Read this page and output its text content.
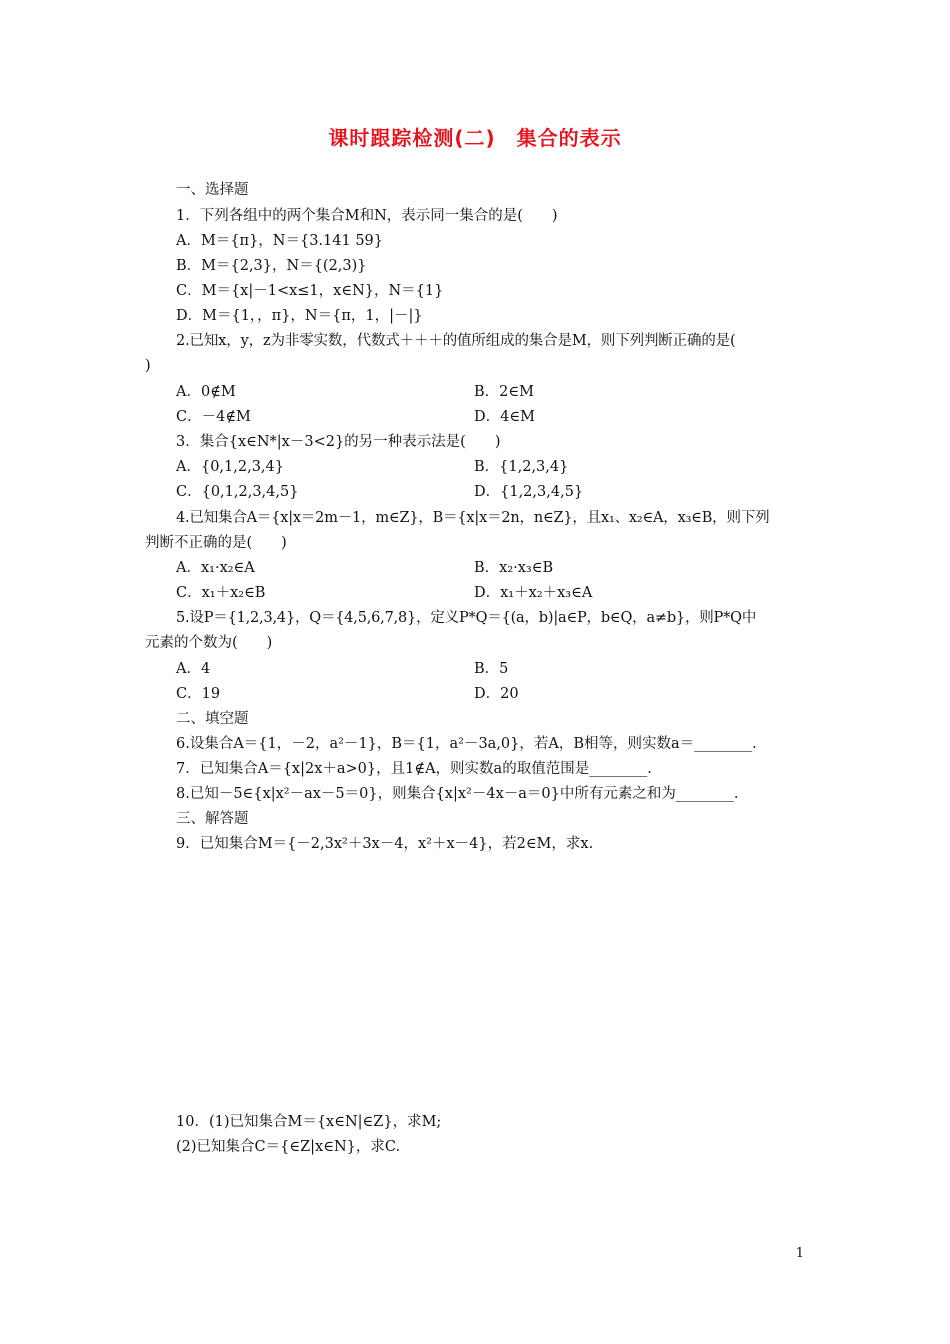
课时跟踪检测(二)　集合的表示
一、选择题
1．下列各组中的两个集合M和N，表示同一集合的是(　　)
A．M＝{π}，N＝{3.141 59}
B．M＝{2,3}，N＝{(2,3)}
C．M＝{x|－1<x≤1，x∈N}，N＝{1}
D．M＝{1，，π}，N＝{π，1，|－|}
2.已知x，y，z为非零实数，代数式＋＋＋的值所组成的集合是M，则下列判断正确的是(
)
A．0∉M	B．2∈M
C．－4∉M	D．4∈M
3．集合{x∈N*|x－3<2}的另一种表示法是(　　)
A．{0,1,2,3,4}	B．{1,2,3,4}
C．{0,1,2,3,4,5}	D．{1,2,3,4,5}
4.已知集合A＝{x|x＝2m－1，m∈Z}，B＝{x|x＝2n，n∈Z}，且x₁、x₂∈A，x₃∈B，则下列
判断不正确的是(　　)
A．x₁·x₂∈A	B．x₂·x₃∈B
C．x₁＋x₂∈B	D．x₁＋x₂＋x₃∈A
5.设P＝{1,2,3,4}，Q＝{4,5,6,7,8}，定义P*Q＝{(a，b)|a∈P，b∈Q，a≠b}，则P*Q中
元素的个数为(　　)
A．4	B．5
C．19	D．20
二、填空题
6.设集合A＝{1，－2，a²－1}，B＝{1，a²－3a,0}，若A，B相等，则实数a＝________.
7．已知集合A＝{x|2x＋a>0}，且1∉A，则实数a的取值范围是________.
8.已知－5∈{x|x²－ax－5＝0}，则集合{x|x²－4x－a＝0}中所有元素之和为________.
三、解答题
9．已知集合M＝{－2,3x²＋3x－4，x²＋x－4}，若2∈M，求x.
10．(1)已知集合M＝{x∈N|∈Z}，求M;
(2)已知集合C＝{∈Z|x∈N}，求C.
1
